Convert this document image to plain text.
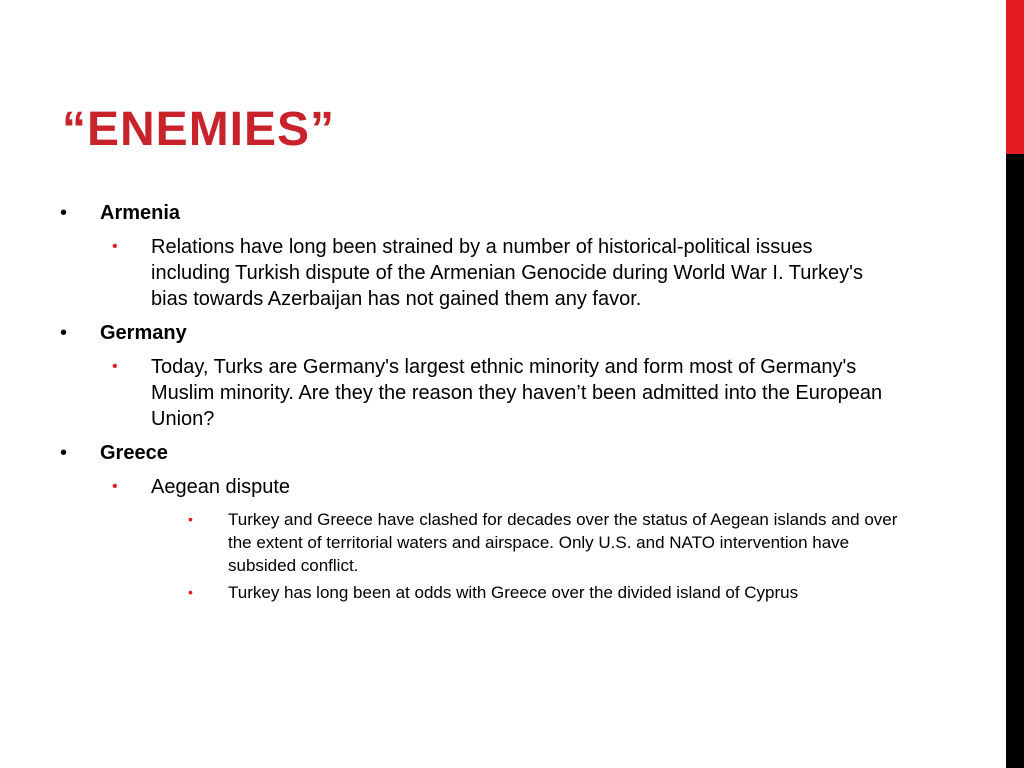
“ENEMIES”
• Armenia
• Relations have long been strained by a number of historical-political issues including Turkish dispute of the Armenian Genocide during World War I. Turkey's bias towards Azerbaijan has not gained them any favor.
• Germany
• Today, Turks are Germany's largest ethnic minority and form most of Germany's Muslim minority. Are they the reason they haven’t been admitted into the European Union?
• Greece
• Aegean dispute
• Turkey and Greece have clashed for decades over the status of Aegean islands and over the extent of territorial waters and airspace. Only U.S. and NATO intervention have subsided conflict.
• Turkey has long been at odds with Greece over the divided island of Cyprus
